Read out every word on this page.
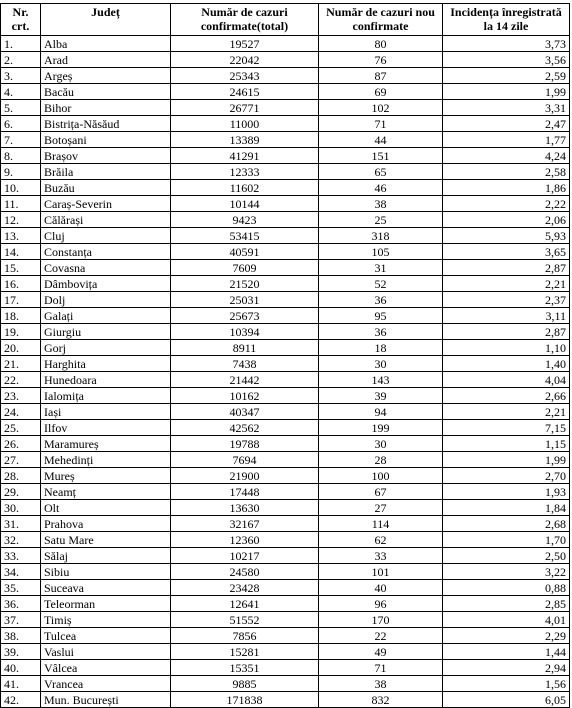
Nr. crt.	Județ	Număr de cazuri confirmate(total)	Număr de cazuri nou confirmate	Incidența înregistrată la 14 zile
1.	Alba	19527	80	3,73
2.	Arad	22042	76	3,56
3.	Argeș	25343	87	2,59
4.	Bacău	24615	69	1,99
5.	Bihor	26771	102	3,31
6.	Bistrița-Năsăud	11000	71	2,47
7.	Botoșani	13389	44	1,77
8.	Brașov	41291	151	4,24
9.	Brăila	12333	65	2,58
10.	Buzău	11602	46	1,86
11.	Caraș-Severin	10144	38	2,22
12.	Călărași	9423	25	2,06
13.	Cluj	53415	318	5,93
14.	Constanța	40591	105	3,65
15.	Covasna	7609	31	2,87
16.	Dâmbovița	21520	52	2,21
17.	Dolj	25031	36	2,37
18.	Galați	25673	95	3,11
19.	Giurgiu	10394	36	2,87
20.	Gorj	8911	18	1,10
21.	Harghita	7438	30	1,40
22.	Hunedoara	21442	143	4,04
23.	Ialomița	10162	39	2,66
24.	Iași	40347	94	2,21
25.	Ilfov	42562	199	7,15
26.	Maramureș	19788	30	1,15
27.	Mehedinți	7694	28	1,99
28.	Mureș	21900	100	2,70
29.	Neamț	17448	67	1,93
30.	Olt	13630	27	1,84
31.	Prahova	32167	114	2,68
32.	Satu Mare	12360	62	1,70
33.	Sălaj	10217	33	2,50
34.	Sibiu	24580	101	3,22
35.	Suceava	23428	40	0,88
36.	Teleorman	12641	96	2,85
37.	Timiș	51552	170	4,01
38.	Tulcea	7856	22	2,29
39.	Vaslui	15281	49	1,44
40.	Vâlcea	15351	71	2,94
41.	Vrancea	9885	38	1,56
42.	Mun. București	171838	832	6,05
